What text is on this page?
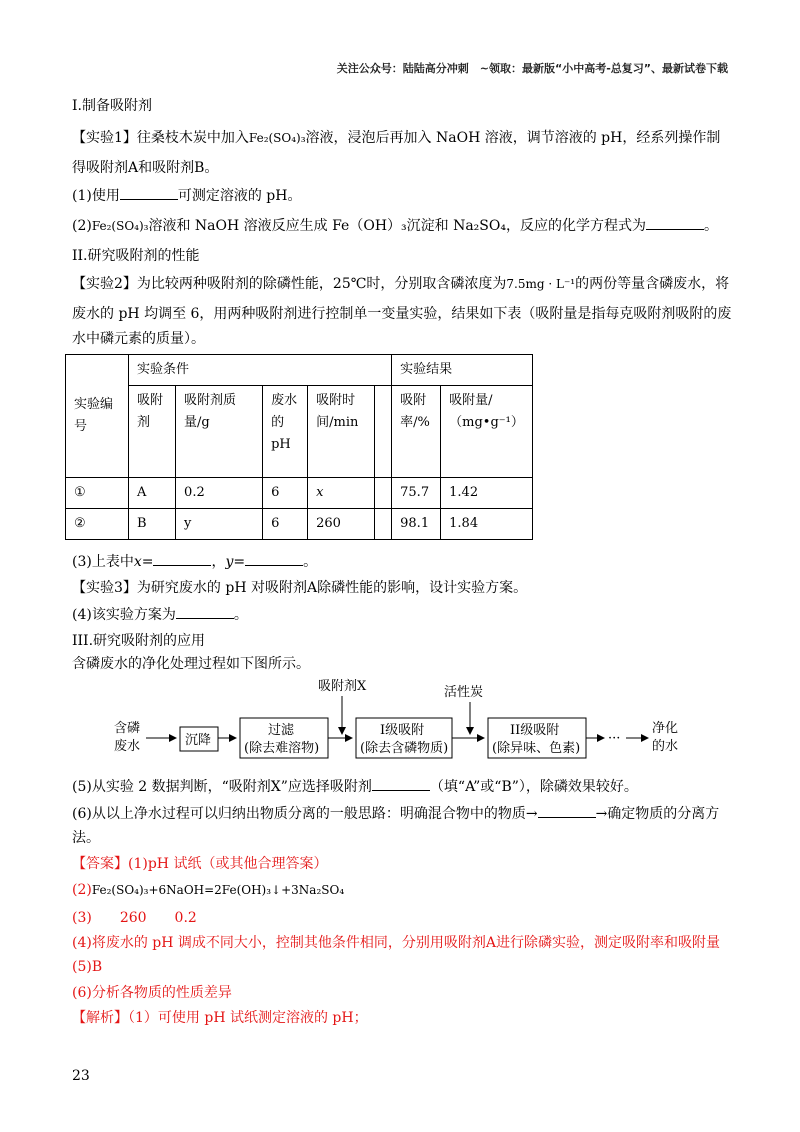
关注公众号：陆陆高分冲刺　~领取：最新版“小中高考-总复习”、最新试卷下载
I.制备吸附剂
【实验1】往桑枝木炭中加入Fe₂(SO₄)₃溶液，浸泡后再加入 NaOH 溶液，调节溶液的 pH，经系列操作制
得吸附剂A和吸附剂B。
(1)使用	可测定溶液的 pH。
(2)Fe₂(SO₄)₃溶液和 NaOH 溶液反应生成 Fe（OH）₃沉淀和 Na₂SO₄，反应的化学方程式为	。
II.研究吸附剂的性能
【实验2】为比较两种吸附剂的除磷性能，25℃时，分别取含磷浓度为7.5mg · L⁻¹的两份等量含磷废水，将
废水的 pH 均调至 6，用两种吸附剂进行控制单一变量实验，结果如下表（吸附量是指每克吸附剂吸附的废
水中磷元素的质量）。
实验编号	实验条件					实验结果	
	吸附剂	吸附剂质量/g	废水的pH	吸附时间/min		吸附率/%	吸附量/（mg•g⁻¹）
①	A	0.2	6	x		75.7	1.42
②	B	y	6	260		98.1	1.84
(3)上表中x=	，y=	。
【实验3】为研究废水的 pH 对吸附剂A除磷性能的影响，设计实验方案。
(4)该实验方案为	。
III.研究吸附剂的应用
含磷废水的净化处理过程如下图所示。
含磷
废水	沉降
过滤
(除去难溶物)
吸附剂X
I级吸附
(除去含磷物质)
活性炭
II级吸附
(除异味、色素)
···
净化
的水
(5)从实验 2 数据判断，“吸附剂X”应选择吸附剂	（填“A”或“B”），除磷效果较好。
(6)从以上净水过程可以归纳出物质分离的一般思路：明确混合物中的物质→	→确定物质的分离方
法。
【答案】(1)pH 试纸（或其他合理答案）
(2)Fe₂(SO₄)₃+6NaOH=2Fe(OH)₃↓+3Na₂SO₄
(3)　　260　　0.2
(4)将废水的 pH 调成不同大小，控制其他条件相同，分别用吸附剂A进行除磷实验，测定吸附率和吸附量
(5)B
(6)分析各物质的性质差异
【解析】（1）可使用 pH 试纸测定溶液的 pH；
23
